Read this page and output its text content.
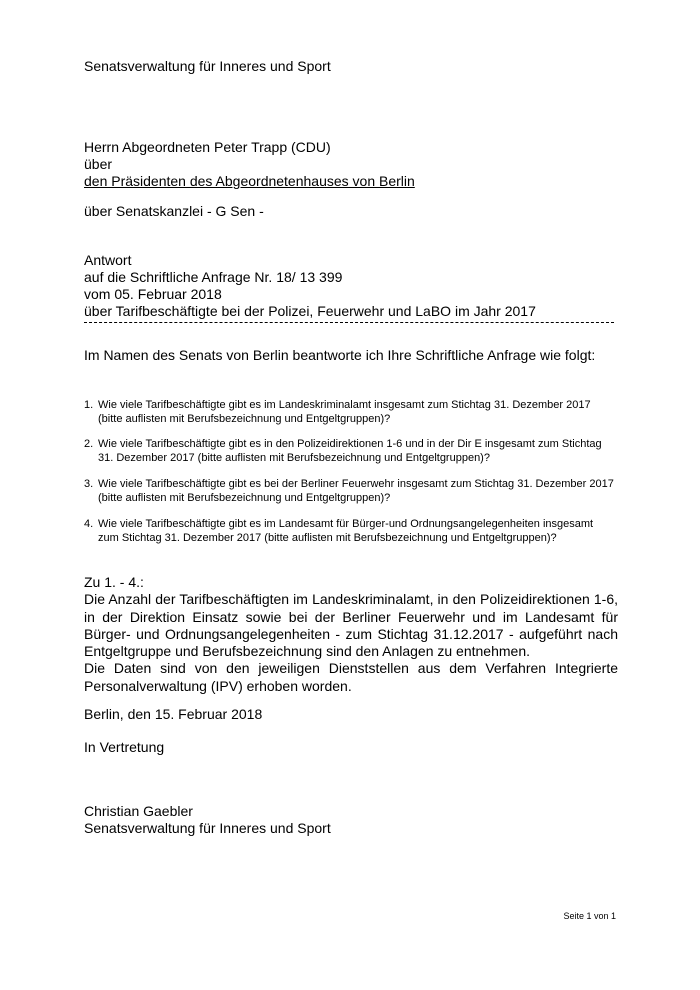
Senatsverwaltung für Inneres und Sport

Herrn Abgeordneten Peter Trapp (CDU)

über

den Präsidenten des Abgeordnetenhauses von Berlin

über Senatskanzlei - G Sen -

Antwort

auf die Schriftliche Anfrage Nr. 18/ 13 399

vom 05. Februar 2018

über Tarifbeschäftigte bei der Polizei, Feuerwehr und LaBO im Jahr 2017

Im Namen des Senats von Berlin beantworte ich Ihre Schriftliche Anfrage wie folgt:

1. Wie viele Tarifbeschäftigte gibt es im Landeskriminalamt insgesamt zum Stichtag 31. Dezember 2017 (bitte auflisten mit Berufsbezeichnung und Entgeltgruppen)?
2. Wie viele Tarifbeschäftigte gibt es in den Polizeidirektionen 1-6 und in der Dir E insgesamt zum Stichtag 31. Dezember 2017 (bitte auflisten mit Berufsbezeichnung und Entgeltgruppen)?
3. Wie viele Tarifbeschäftigte gibt es bei der Berliner Feuerwehr insgesamt zum Stichtag 31. Dezember 2017 (bitte auflisten mit Berufsbezeichnung und Entgeltgruppen)?
4. Wie viele Tarifbeschäftigte gibt es im Landesamt für Bürger-und Ordnungsangelegenheiten insgesamt zum Stichtag 31. Dezember 2017 (bitte auflisten mit Berufsbezeichnung und Entgeltgruppen)?

Zu 1. - 4.:

Die Anzahl der Tarifbeschäftigten im Landeskriminalamt, in den Polizeidirektionen 1-6, in der Direktion Einsatz sowie bei der Berliner Feuerwehr und im Landesamt für Bürger- und Ordnungsangelegenheiten - zum Stichtag 31.12.2017 - aufgeführt nach Entgeltgruppe und Berufsbezeichnung sind den Anlagen zu entnehmen.

Die Daten sind von den jeweiligen Dienststellen aus dem Verfahren Integrierte Personalverwaltung (IPV) erhoben worden.

Berlin, den 15. Februar 2018

In Vertretung

Christian Gaebler

Senatsverwaltung für Inneres und Sport

Seite 1 von 1
